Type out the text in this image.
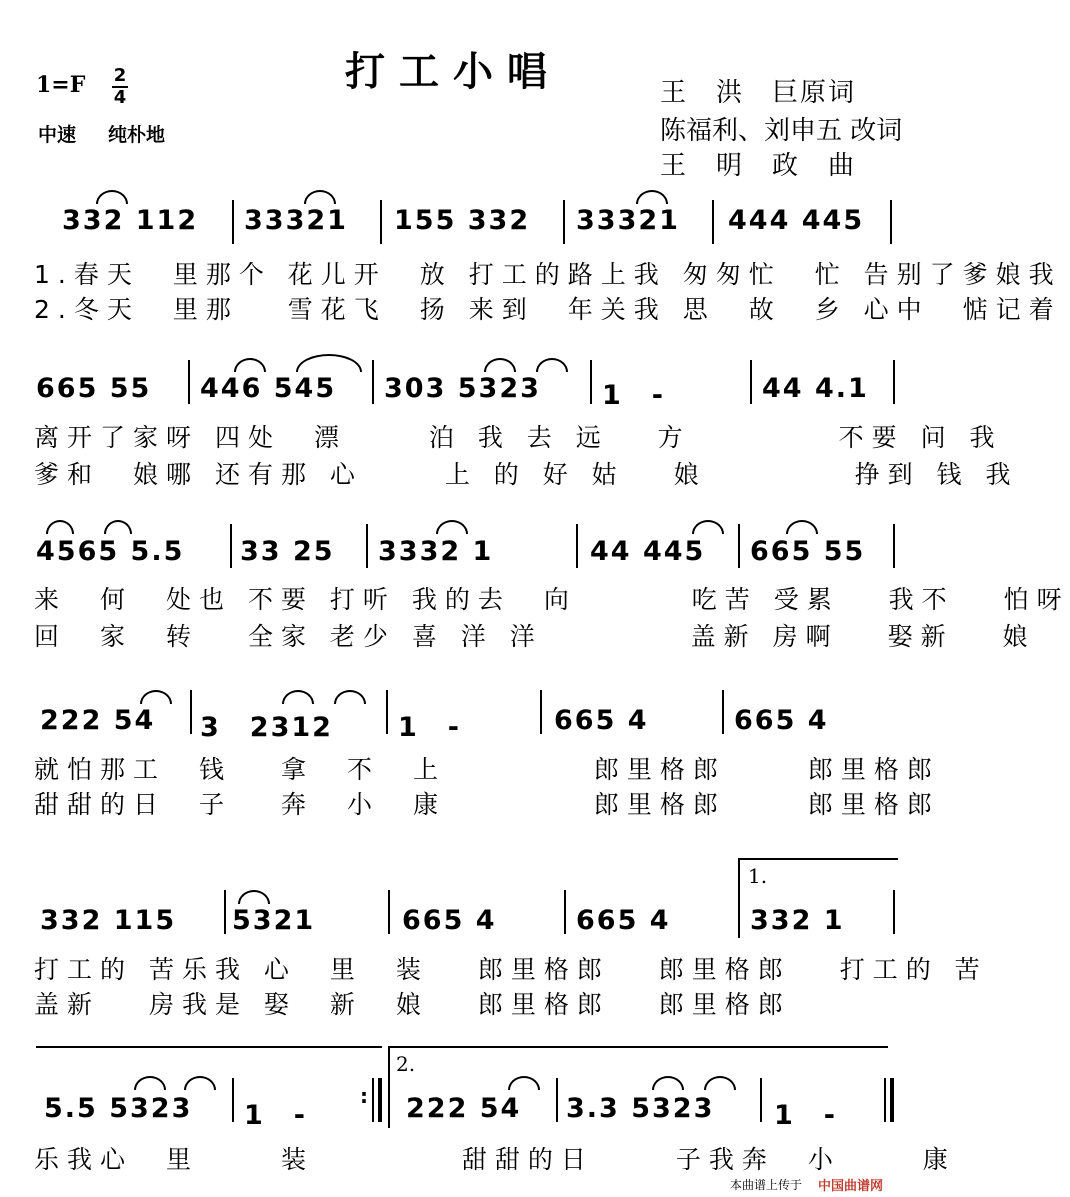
1=F 2
4
打工小唱
中速 纯朴地
王　洪　巨原词
陈福利、刘申五 改词
王　明　政　曲
332 112 33321 155 332 33321 444 445
1.春天　里那个 花儿开　放 打工的路上我 匆匆忙　忙 告别了爹娘我
2.冬天　里那　 雪花飞　扬 来到　年关我 思　故　乡 心中　惦记着
665 55 446 545 303 5323 1　-	44 4.1
离开了家呀 四处　漂　　 泊 我 去 远　 方　　　　 不要 问 我
爹和　娘哪 还有那 心　　 上 的 好 姑　 娘　　　　 挣到 钱 我
4565 5.5 33 25 3332 1	44 445 665 55
来　何　处也 不要 打听 我的去　向　　　 吃苦 受累　 我不　 怕呀
回　家　转　 全家 老少 喜 洋 洋　　　　 盖新 房啊　 娶新　 娘
222 54 3　2312 1　-	665 4	665 4
就怕那工　钱　 拿　不　上　　　　 郎里格郎　　 郎里格郎
甜甜的日　子　 奔　小　康　　　　 郎里格郎　　 郎里格郎
1.
332 115 5321	665 4	665 4	332 1
打工的 苦乐我 心　里　装　 郎里格郎　 郎里格郎　 打工的 苦
盖新　 房我是 娶　新　娘　 郎里格郎　 郎里格郎
2.
5.5 5323 1　-
: 222 54 3.3 5323 1　-
乐我心　里　　 装　　　　 甜甜的日　　 子我奔　小　　 康
本曲谱上传于 中国曲谱网
